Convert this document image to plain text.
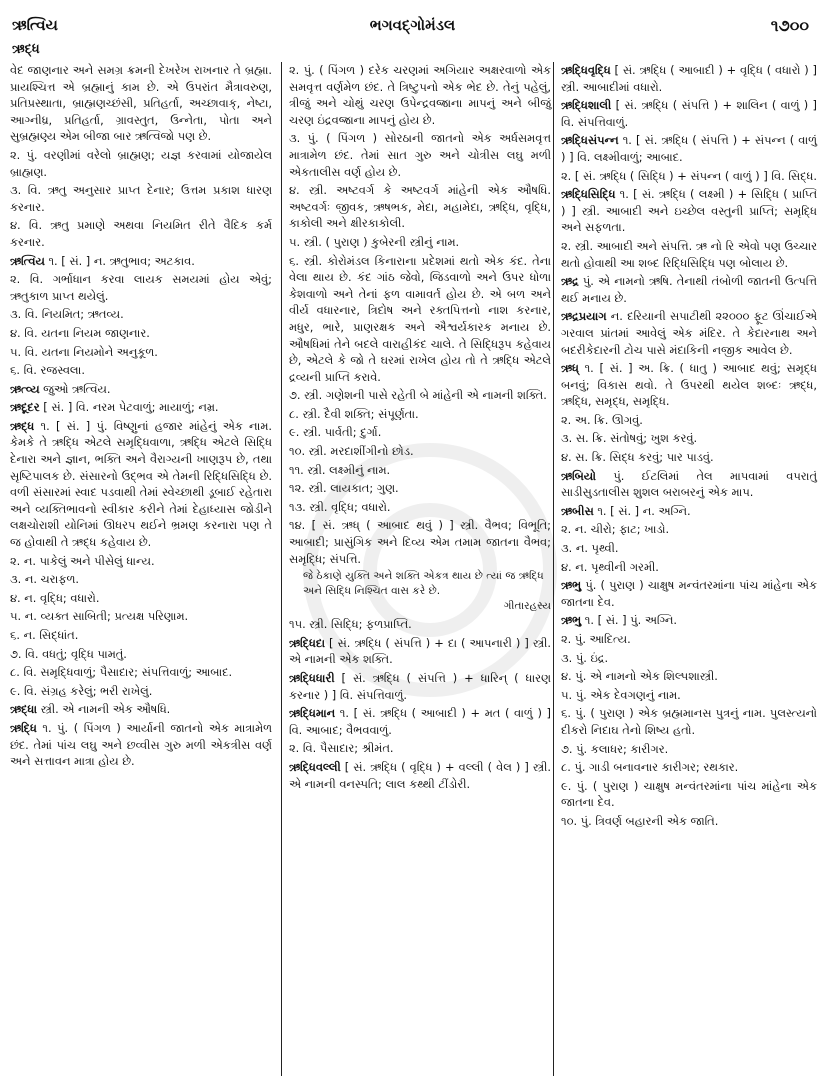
ઋત્વિય	ભગવદ્ગોમંડલ	૧૭૦૦
ઋદ્ધ
વેદ જાણનાર અને સમગ્ર ક્રમની દેખરેખ રાખનાર તે બ્રહ્મા. પ્રાયશ્ચિત્ત એ બ્રહ્માનું કામ છે. એ ઉપરાંત મૈત્રાવરુણ, પ્રતિપ્રસ્થાતા, બ્રાહ્મણચ્છંસી, પ્રતિહર્તા, અચ્છાવાક્, નેષ્ટા, આગ્નીધ્ર, પ્રતિહર્તા, ગ્રાવસ્તુત, ઉન્નેતા, પોતા અને સુબ્રહ્મણ્ય એમ બીજા બાર ઋત્વિજો પણ છે.
૨. પું. વરણીમાં વરેલો બ્રાહ્મણ; યજ્ઞ કરવામાં યોજાયેલ બ્રાહ્મણ.
૩. વિ. ઋતુ અનુસાર પ્રાપ્ત દેનાર; ઉત્તમ પ્રકાશ ધારણ કરનાર.
૪. વિ. ઋતુ પ્રમાણે અથવા નિયમિત રીતે વૈદિક કર્મ કરનાર.
ઋત્વિય ૧. [ સં. ] ન. ઋતુભાવ; અટકાવ.
૨. વિ. ગર્ભાધાન કરવા લાયક સમયમાં હોય એવું; ઋતુકાળ પ્રાપ્ત થયેલું.
૩. વિ. નિયમિત; ઋતવ્ય.
૪. વિ. યતના નિયમ જાણનાર.
૫. વિ. યતના નિયમોને અનુકૂળ.
૬. વિ. રજસ્વલા.
ઋત્વ્ય જુઓ ઋત્વિય.
ઋદૂદર [ સં. ] વિ. નરમ પેટવાળું; માયાળું; નમ્ર.
ઋદ્ધ ૧. [ સં. ] પું. વિષ્ણુનાં હજાર માંહેનું એક નામ. કેમકે તે ઋદ્ધિ એટલે સમૃદ્ધિવાળા, ઋદ્ધિ એટલે સિદ્ધિ દેનારા અને જ્ઞાન, ભક્તિ અને વૈરાગ્યની ખાણરૂપ છે, તથા સૃષ્ટિપાલક છે. સંસારનો ઉદ્ભવ એ તેમની રિદ્ધિસિદ્ધિ છે. વળી સંસારમાં સ્વાદ પડવાથી તેમાં સ્વેચ્છાથી ડૂબાઈ રહેતારા અને વ્યક્તિભાવનો સ્વીકાર કરીને તેમાં દેહાધ્યાસ જોડીને લક્ષચોરાશી યોનિમાં ઊધરપ થઈને ભ્રમણ કરનારા પણ તે જ હોવાથી તે ઋદ્ધ કહેવાય છે.
૨. ન. પાકેલું અને પીસેલું ધાન્ય.
૩. ન. ચરાફળ.
૪. ન. વૃદ્ધિ; વધારો.
૫. ન. વ્યક્ત સાબિતી; પ્રત્યક્ષ પરિણામ.
૬. ન. સિદ્ધાંત.
૭. વિ. વધતું; વૃદ્ધિ પામતું.
૮. વિ. સમૃદ્ધિવાળું; પૈસાદાર; સંપત્તિવાળું; આબાદ.
૯. વિ. સંગ્રહ કરેલું; ભરી રાખેલું.
ઋદ્ધા સ્ત્રી. એ નામની એક ઔષધિ.
ઋદ્ધિ ૧. પું. ( પિંગળ ) આર્યાની જાતનો એક માત્રામેળ છંદ. તેમાં પાંચ લઘુ અને છવ્વીસ ગુરુ મળી એકત્રીસ વર્ણ અને સત્તાવન માત્રા હોય છે.
૨. પું. ( પિંગળ ) દરેક ચરણમાં અગિયાર અક્ષરવાળો એક સમવૃત્ત વર્ણમેળ છંદ. તે ત્રિષ્ટુપનો એક ભેદ છે. તેનું પહેલું, ત્રીજું અને ચોથું ચરણ ઉપેન્દ્રવજ્રાના માપનું અને બીજું ચરણ ઇંદ્રવજ્રાના માપનું હોય છે.
૩. પું. ( પિંગળ ) સોરઠાની જાતનો એક અર્ધસમવૃત્ત માત્રામેળ છંદ. તેમાં સાત ગુરુ અને ચોત્રીસ લઘુ મળી એકતાલીસ વર્ણ હોય છે.
૪. સ્ત્રી. અષ્ટવર્ગ કે અષ્ટવર્ગ માંહેની એક ઔષધિ. અષ્ટવર્ગઃ જીવક, ઋષભક, મેદા, મહામેદા, ઋદ્ધિ, વૃદ્ધિ, કાકોલી અને ક્ષીરકાકોલી.
૫. સ્ત્રી. ( પુરાણ ) કુબેરની સ્ત્રીનું નામ.
૬. સ્ત્રી. કોરોમંડલ કિનારાના પ્રદેશમાં થતો એક કંદ. તેના વેલા થાય છે. કંદ ગાંઠ જેવો, જિડવાળો અને ઉપર ધોળા કેશવાળો અને તેનાં ફળ વામાવર્ત હોય છે. એ બળ અને વીર્ય વધારનાર, ત્રિદોષ અને રક્તપિત્તનો નાશ કરનાર, મધુર, ભારે, પ્રાણરક્ષક અને ઐશ્વર્યકારક મનાય છે. ઔષધિમાં તેને બદલે વારાહીકંદ ચાલે. તે સિદ્ધિરૂપ કહેવાય છે, એટલે કે જો તે ઘરમાં રાખેલ હોય તો તે ઋદ્ધિ એટલે દ્રવ્યની પ્રાપ્તિ કરાવે.
૭. સ્ત્રી. ગણેશની પાસે રહેતી બે માંહેની એ નામની શક્તિ.
૮. સ્ત્રી. દૈવી શક્તિ; સંપૂર્ણતા.
૯. સ્ત્રી. પાર્વતી; દુર્ગા.
૧૦. સ્ત્રી. મરદાશીંગીનો છોડ.
૧૧. સ્ત્રી. લક્ષ્મીનું નામ.
૧૨. સ્ત્રી. લાયકાત; ગુણ.
૧૩. સ્ત્રી. વૃદ્ધિ; વધારો.
૧૪. [ સં. ઋધ્ ( આબાદ થવું ) ] સ્ત્રી. વૈભવ; વિભૂતિ; આબાદી; પ્રાસુંગિક અને દિવ્ય એમ તમામ જાતના વૈભવ; સમૃદ્ધિ; સંપત્તિ.
જે ઠેકાણે યુક્તિ અને શક્તિ એકત્ર થાય છે ત્યાં જ ઋદ્ધિ અને સિદ્ધિ નિશ્ચિત વાસ કરે છે.
ગીતારહસ્ય
૧૫. સ્ત્રી. સિદ્ધિ; ફળપ્રાપ્તિ.
ઋદ્ધિદા [ સં. ઋદ્ધિ ( સંપત્તિ ) + દા ( આપનારી ) ] સ્ત્રી. એ નામની એક શક્તિ.
ઋદ્ધિધારી [ સં. ઋદ્ધિ ( સંપત્તિ ) + ધારિન્ ( ધારણ કરનાર ) ] વિ. સંપત્તિવાળું.
ઋદ્ધિમાન ૧. [ સં. ઋદ્ધિ ( આબાદી ) + મત ( વાળું ) ] વિ. આબાદ; વૈભવવાળું.
૨. વિ. પૈસાદાર; શ્રીમંત.
ઋદ્ધિવલ્લી [ સં. ઋદ્ધિ ( વૃદ્ધિ ) + વલ્લી ( વેલ ) ] સ્ત્રી. એ નામની વનસ્પતિ; લાલ કથ્થી ટીંડોરી.
ઋદ્ધિવૃદ્ધિ [ સં. ઋદ્ધિ ( આબાદી ) + વૃદ્ધિ ( વધારો ) ] સ્ત્રી. આબાદીમાં વધારો.
ઋદ્ધિશાલી [ સં. ઋદ્ધિ ( સંપત્તિ ) + શાલિન ( વાળું ) ] વિ. સંપત્તિવાળું.
ઋદ્ધિસંપન્ન ૧. [ સં. ઋદ્ધિ ( સંપત્તિ ) + સંપન્ન ( વાળું ) ] વિ. લક્ષ્મીવાળું; આબાદ.
૨. [ સં. ઋદ્ધિ ( સિદ્ધિ ) + સંપન્ન ( વાળું ) ] વિ. સિદ્ધ.
ઋદ્ધિસિદ્ધિ ૧. [ સં. ઋદ્ધિ ( લક્ષ્મી ) + સિદ્ધિ ( પ્રાપ્તિ ) ] સ્ત્રી. આબાદી અને ઇચ્છેલ વસ્તુની પ્રાપ્તિ; સમૃદ્ધિ અને સફળતા.
૨. સ્ત્રી. આબાદી અને સંપત્તિ. ઋ નો રિ એવો પણ ઉચ્ચાર થતો હોવાથી આ શબ્દ રિદ્ધિસિદ્ધિ પણ બોલાય છે.
ઋદ્ર પું. એ નામનો ઋષિ. તેનાથી તંબોળી જાતની ઉત્પત્તિ થઈ મનાય છે.
ઋદ્રપ્રયાગ ન. દરિયાની સપાટીથી ૨૨૦૦૦ ફૂટ ઊંચાઈએ ગરવાલ પ્રાંતમાં આવેલું એક મંદિર. તે કેદારનાથ અને બદરીકેદારની ટોચ પાસે મંદાકિની નજીક આવેલ છે.
ઋધ્ ૧. [ સં. ] અ. ક્રિ. ( ધાતુ ) આબાદ થવું; સમૃદ્ધ બનવું; વિકાસ થવો. તે ઉપરથી થયેલ શબ્દઃ ઋદ્ધ, ઋદ્ધિ, સમૃદ્ધ, સમૃદ્ધિ.
૨. અ. ક્રિ. ઊગવું.
૩. સ. ક્રિ. સંતોષવું; ખુશ કરવું.
૪. સ. ક્રિ. સિદ્ધ કરવું; પાર પાડવું.
ઋબિયો પું. ઈટલિમાં તેલ માપવામાં વપરાતું સાડીસુડતાલીસ શુશલ બરાબરનું એક માપ.
ઋબીસ ૧. [ સં. ] ન. અગ્નિ.
૨. ન. ચીરો; ફાટ; ખાડો.
૩. ન. પૃથ્વી.
૪. ન. પૃથ્વીની ગરમી.
ઋભુ પું. ( પુરાણ ) ચાક્ષુષ મન્વંતરમાંના પાંચ માંહેના એક જાતના દેવ.
ઋભુ ૧. [ સં. ] પું. અગ્નિ.
૨. પું. આદિત્ય.
૩. પું. ઇંદ્ર.
૪. પું. એ નામનો એક શિલ્પશાસ્ત્રી.
૫. પું. એક દેવગણનું નામ.
૬. પું. ( પુરાણ ) એક બ્રહ્મમાનસ પુત્રનું નામ. પુલસ્ત્યનો દીકરો નિદાઘ તેનો શિષ્ય હતો.
૭. પું. કલાધર; કારીગર.
૮. પું. ગાડી બનાવનાર કારીગર; રથકાર.
૯. પું. ( પુરાણ ) ચાક્ષુષ મન્વંતરમાંના પાંચ માંહેના એક જાતના દેવ.
૧૦. પું. ત્રિવર્ણ બહારની એક જાતિ.
